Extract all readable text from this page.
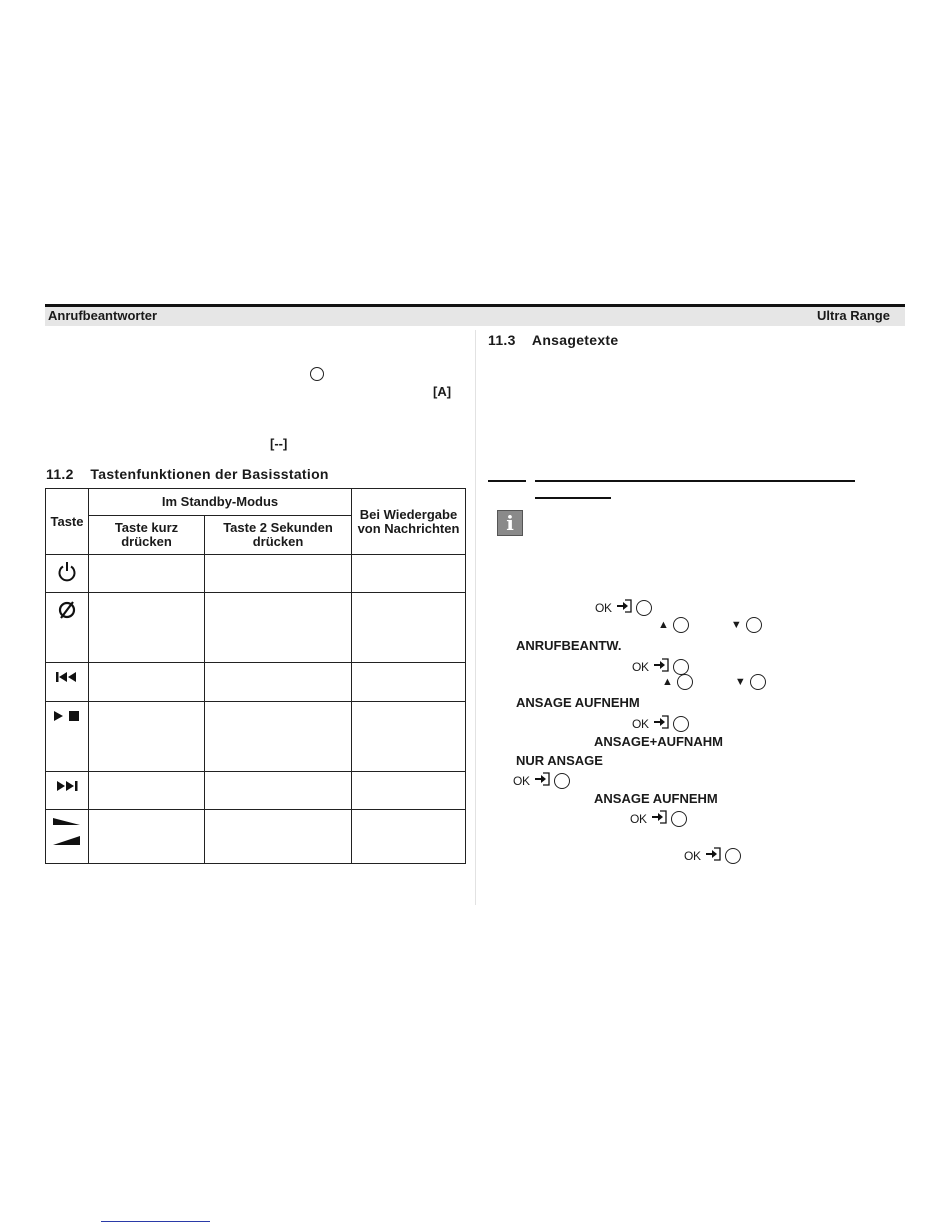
Anrufbeantworter	Ultra Range
[A]
[--]
11.2    Tastenfunktionen der Basisstation
Taste	Im Standby-Modus		Bei Wiedergabe von Nachrichten
	Taste kurz drücken	Taste 2 Sekunden drücken	

11.3    Ansagetexte
i
OK
▲	▼
ANRUFBEANTW.
OK
▲	▼
ANSAGE AUFNEHM
OK
ANSAGE+AUFNAHM
NUR ANSAGE
OK
ANSAGE AUFNEHM
OK
OK
